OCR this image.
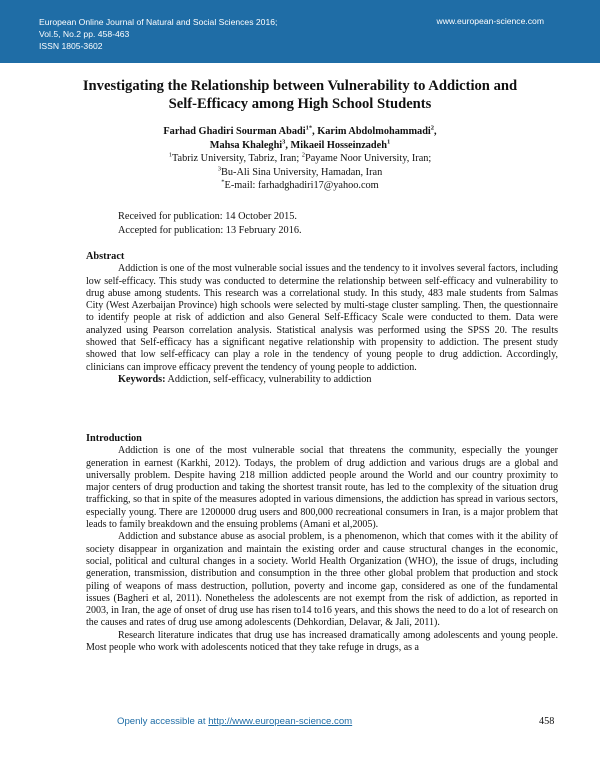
European Online Journal of Natural and Social Sciences 2016;
Vol.5, No.2 pp. 458-463
ISSN 1805-3602
www.european-science.com
Investigating the Relationship between Vulnerability to Addiction and
Self-Efficacy among High School Students
Farhad Ghadiri Sourman Abadi$^{1*}$, Karim Abdolmohammadi$^2$,
Mahsa Khaleghi$^3$, Mikaeil Hosseinzadeh$^1$
$^1$Tabriz University, Tabriz, Iran; $^2$Payame Noor University, Iran;
$^3$Bu-Ali Sina University, Hamadan, Iran
*E-mail: farhadghadiri17@yahoo.com
Received for publication: 14 October 2015.
Accepted for publication: 13 February 2016.
Abstract

Addiction is one of the most vulnerable social issues and the tendency to it involves several factors, including low self-efficacy. This study was conducted to determine the relationship between self-efficacy and vulnerability to drug abuse among students. This research was a correlational study. In this study, 483 male students from Salmas City (West Azerbaijan Province) high schools were selected by multi-stage cluster sampling. Then, the questionnaire to identify people at risk of addiction and also General Self-Efficacy Scale were conducted to them. Data were analyzed using Pearson correlation analysis. Statistical analysis was performed using the SPSS 20. The results showed that Self-efficacy has a significant negative relationship with propensity to addiction. The present study showed that low self-efficacy can play a role in the tendency of young people to drug addiction. Accordingly, clinicians can improve efficacy prevent the tendency of young people to addiction.

Keywords: Addiction, self-efficacy, vulnerability to addiction
Introduction

Addiction is one of the most vulnerable social that threatens the community, especially the younger generation in earnest (Karkhi, 2012). Todays, the problem of drug addiction and various drugs are a global and universally problem. Despite having 218 million addicted people around the World and our country proximity to major centers of drug production and taking the shortest transit route, has led to the complexity of the situation drug trafficking, so that in spite of the measures adopted in various dimensions, the addiction has spread in various sectors, especially young. There are 1200000 drug users and 800,000 recreational consumers in Iran, is a major problem that leads to family breakdown and the ensuing problems (Amani et al,2005).

Addiction and substance abuse as asocial problem, is a phenomenon, which that comes with it the ability of society disappear in organization and maintain the existing order and cause structural changes in the economic, social, political and cultural changes in a society. World Health Organization (WHO), the issue of drugs, including generation, transmission, distribution and consumption in the three other global problem that production and stock piling of weapons of mass destruction, pollution, poverty and income gap, considered as one of the fundamental issues (Bagheri et al, 2011). Nonetheless the adolescents are not exempt from the risk of addiction, as reported in 2003, in Iran, the age of onset of drug use has risen to14 to16 years, and this shows the need to do a lot of research on the causes and rates of drug use among adolescents (Dehkordian, Delavar, & Jali, 2011).

Research literature indicates that drug use has increased dramatically among adolescents and young people. Most people who work with adolescents noticed that they take refuge in drugs, as a

Openly accessible at http://www.european-science.com	458
